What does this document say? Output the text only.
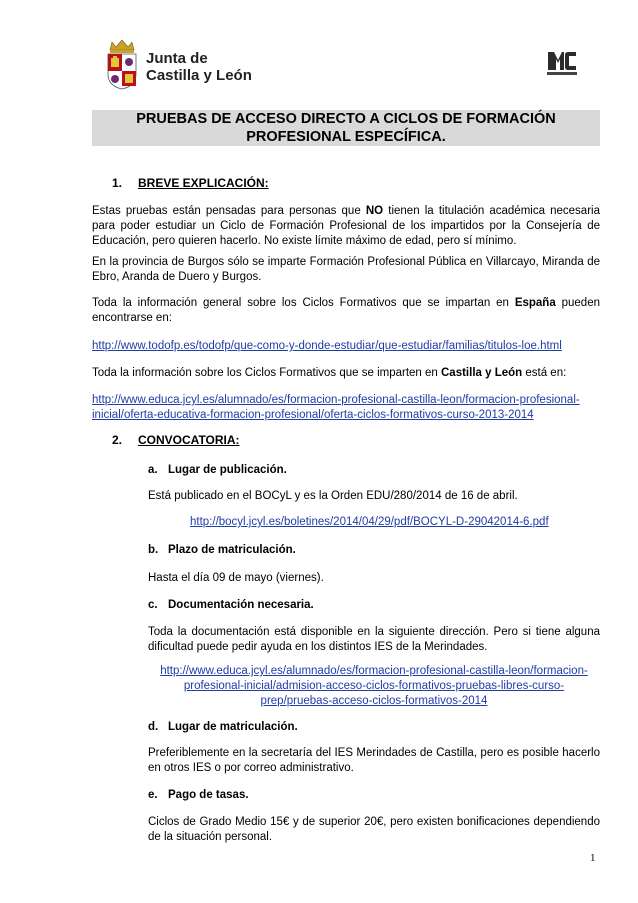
Junta de
Castilla y León
PRUEBAS DE ACCESO DIRECTO A CICLOS DE FORMACIÓN
PROFESIONAL ESPECÍFICA.
1. BREVE EXPLICACIÓN:
Estas pruebas están pensadas para personas que NO tienen la titulación académica necesaria para poder estudiar un Ciclo de Formación Profesional de los impartidos por la Consejería de Educación, pero quieren hacerlo. No existe límite máximo de edad, pero sí mínimo.
En la provincia de Burgos sólo se imparte Formación Profesional Pública en Villarcayo, Miranda de Ebro, Aranda de Duero y Burgos.
Toda la información general sobre los Ciclos Formativos que se impartan en España pueden encontrarse en:
http://www.todofp.es/todofp/que-como-y-donde-estudiar/que-estudiar/familias/titulos-loe.html
Toda la información sobre los Ciclos Formativos que se imparten en Castilla y León está en:
http://www.educa.jcyl.es/alumnado/es/formacion-profesional-castilla-leon/formacion-profesional-
inicial/oferta-educativa-formacion-profesional/oferta-ciclos-formativos-curso-2013-2014
2. CONVOCATORIA:
a. Lugar de publicación.
Está publicado en el BOCyL y es la Orden EDU/280/2014 de 16 de abril.
http://bocyl.jcyl.es/boletines/2014/04/29/pdf/BOCYL-D-29042014-6.pdf
b. Plazo de matriculación.
Hasta el día 09 de mayo (viernes).
c. Documentación necesaria.
Toda la documentación está disponible en la siguiente dirección. Pero si tiene alguna dificultad puede pedir ayuda en los distintos IES de la Merindades.
http://www.educa.jcyl.es/alumnado/es/formacion-profesional-castilla-leon/formacion-
profesional-inicial/admision-acceso-ciclos-formativos-pruebas-libres-curso-
prep/pruebas-acceso-ciclos-formativos-2014
d. Lugar de matriculación.
Preferiblemente en la secretaría del IES Merindades de Castilla, pero es posible hacerlo en otros IES o por correo administrativo.
e. Pago de tasas.
Ciclos de Grado Medio 15€ y de superior 20€, pero existen bonificaciones dependiendo de la situación personal.
1
